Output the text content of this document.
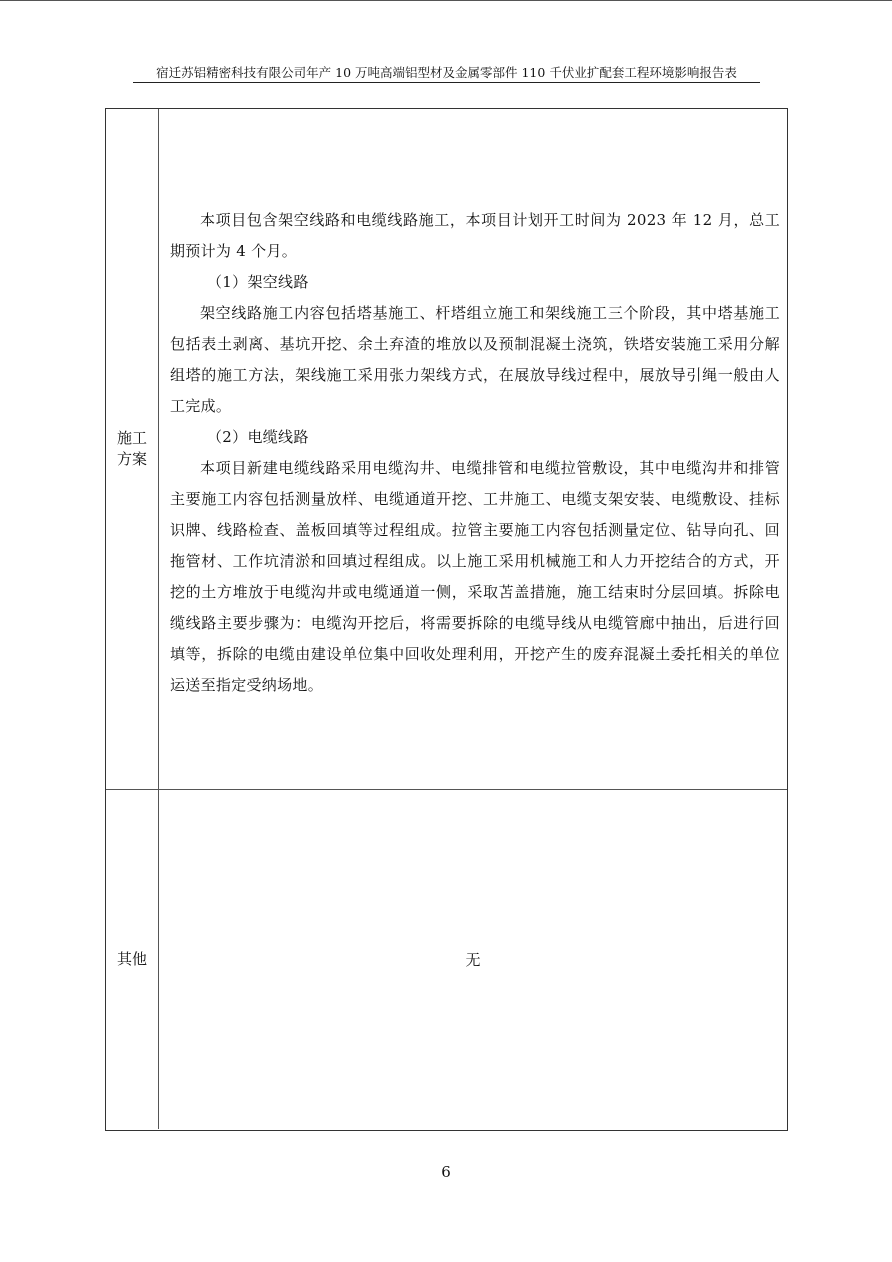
宿迁苏铝精密科技有限公司年产 10 万吨高端铝型材及金属零部件 110 千伏业扩配套工程环境影响报告表
施工方案

本项目包含架空线路和电缆线路施工，本项目计划开工时间为 2023 年 12 月，总工期预计为 4 个月。

（1）架空线路

架空线路施工内容包括塔基施工、杆塔组立施工和架线施工三个阶段，其中塔基施工包括表土剥离、基坑开挖、余土弃渣的堆放以及预制混凝土浇筑，铁塔安装施工采用分解组塔的施工方法，架线施工采用张力架线方式，在展放导线过程中，展放导引绳一般由人工完成。

（2）电缆线路

本项目新建电缆线路采用电缆沟井、电缆排管和电缆拉管敷设，其中电缆沟井和排管主要施工内容包括测量放样、电缆通道开挖、工井施工、电缆支架安装、电缆敷设、挂标识牌、线路检查、盖板回填等过程组成。拉管主要施工内容包括测量定位、钻导向孔、回拖管材、工作坑清淤和回填过程组成。以上施工采用机械施工和人力开挖结合的方式，开挖的土方堆放于电缆沟井或电缆通道一侧，采取苫盖措施，施工结束时分层回填。拆除电缆线路主要步骤为：电缆沟开挖后，将需要拆除的电缆导线从电缆管廊中抽出，后进行回填等，拆除的电缆由建设单位集中回收处理利用，开挖产生的废弃混凝土委托相关的单位运送至指定受纳场地。

其他	无
6
